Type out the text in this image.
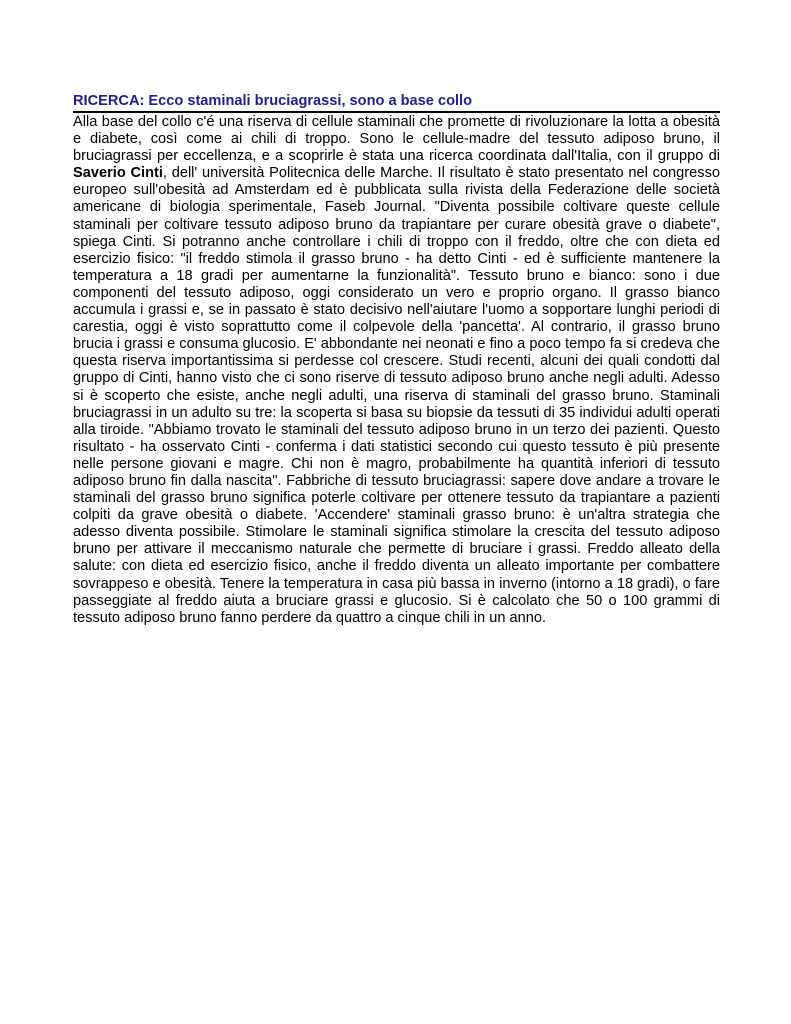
RICERCA: Ecco staminali bruciagrassi, sono a base collo

Alla base del collo c'é una riserva di cellule staminali che promette di rivoluzionare la lotta a obesità e diabete, così come ai chili di troppo. Sono le cellule-madre del tessuto adiposo bruno, il bruciagrassi per eccellenza, e a scoprirle è stata una ricerca coordinata dall'Italia, con il gruppo di Saverio Cinti, dell' università Politecnica delle Marche. Il risultato è stato presentato nel congresso europeo sull'obesità ad Amsterdam ed è pubblicata sulla rivista della Federazione delle società americane di biologia sperimentale, Faseb Journal. "Diventa possibile coltivare queste cellule staminali per coltivare tessuto adiposo bruno da trapiantare per curare obesità grave o diabete", spiega Cinti. Si potranno anche controllare i chili di troppo con il freddo, oltre che con dieta ed esercizio fisico: "il freddo stimola il grasso bruno - ha detto Cinti - ed è sufficiente mantenere la temperatura a 18 gradi per aumentarne la funzionalità". Tessuto bruno e bianco: sono i due componenti del tessuto adiposo, oggi considerato un vero e proprio organo. Il grasso bianco accumula i grassi e, se in passato è stato decisivo nell'aiutare l'uomo a sopportare lunghi periodi di carestia, oggi è visto soprattutto come il colpevole della 'pancetta'. Al contrario, il grasso bruno brucia i grassi e consuma glucosio. E' abbondante nei neonati e fino a poco tempo fa si credeva che questa riserva importantissima si perdesse col crescere. Studi recenti, alcuni dei quali condotti dal gruppo di Cinti, hanno visto che ci sono riserve di tessuto adiposo bruno anche negli adulti. Adesso si è scoperto che esiste, anche negli adulti, una riserva di staminali del grasso bruno. Staminali bruciagrassi in un adulto su tre: la scoperta si basa su biopsie da tessuti di 35 individui adulti operati alla tiroide. "Abbiamo trovato le staminali del tessuto adiposo bruno in un terzo dei pazienti. Questo risultato - ha osservato Cinti - conferma i dati statistici secondo cui questo tessuto è più presente nelle persone giovani e magre. Chi non è magro, probabilmente ha quantità inferiori di tessuto adiposo bruno fin dalla nascita". Fabbriche di tessuto bruciagrassi: sapere dove andare a trovare le staminali del grasso bruno significa poterle coltivare per ottenere tessuto da trapiantare a pazienti colpiti da grave obesità o diabete. 'Accendere' staminali grasso bruno: è un'altra strategia che adesso diventa possibile. Stimolare le staminali significa stimolare la crescita del tessuto adiposo bruno per attivare il meccanismo naturale che permette di bruciare i grassi. Freddo alleato della salute: con dieta ed esercizio fisico, anche il freddo diventa un alleato importante per combattere sovrappeso e obesità. Tenere la temperatura in casa più bassa in inverno (intorno a 18 gradi), o fare passeggiate al freddo aiuta a bruciare grassi e glucosio. Si è calcolato che 50 o 100 grammi di tessuto adiposo bruno fanno perdere da quattro a cinque chili in un anno.
